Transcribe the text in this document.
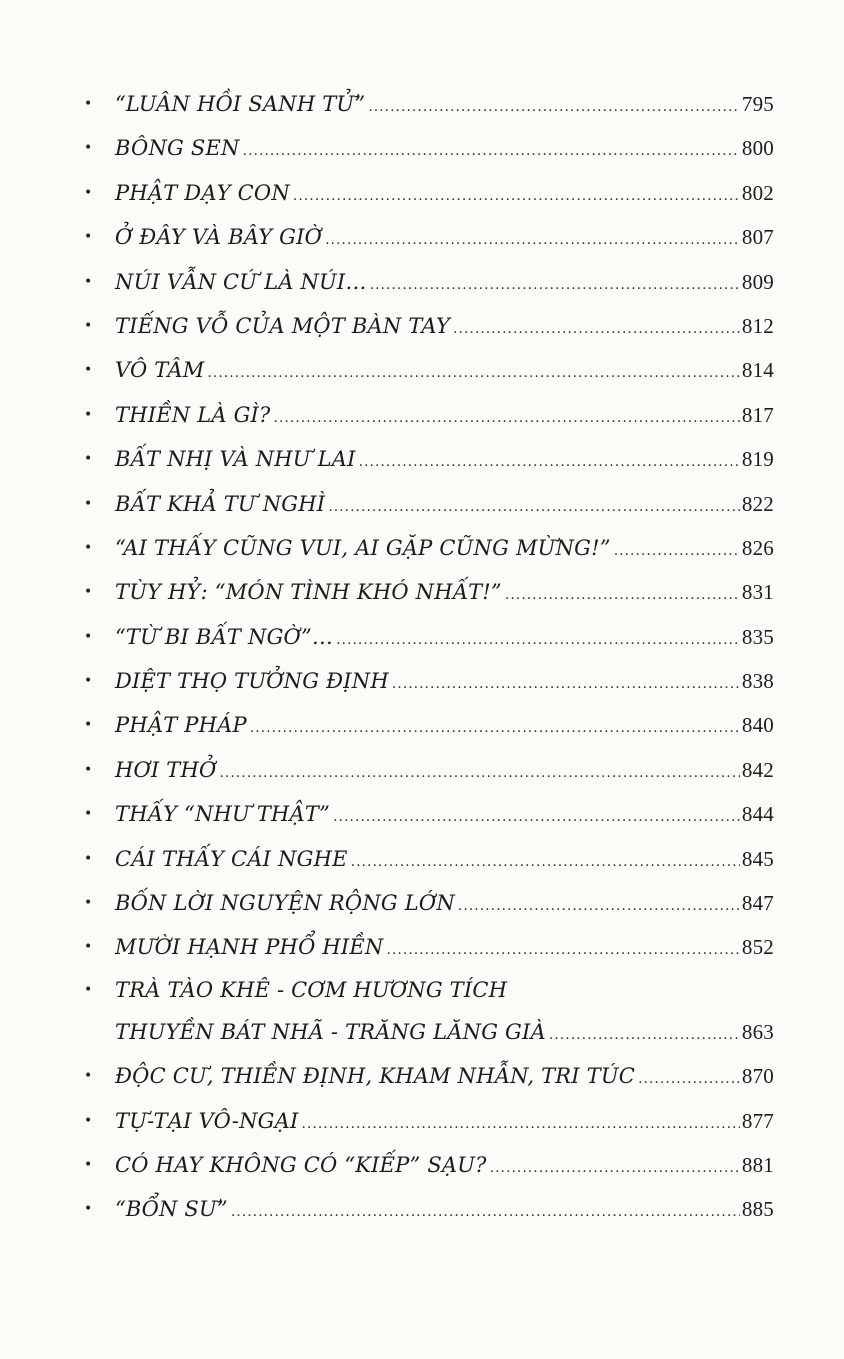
•	“LUÂN HỒI SANH TỬ” .....	795
•	BÔNG SEN .....	800
•	PHẬT DẠY CON .....	802
•	Ở ĐÂY VÀ BÂY GIỜ .....	807
•	NÚI VẪN CỨ LÀ NÚI… .....	809
•	TIẾNG VỖ CỦA MỘT BÀN TAY .....	812
•	VÔ TÂM .....	814
•	THIỀN LÀ GÌ? .....	817
•	BẤT NHỊ VÀ NHƯ LAI .....	819
•	BẤT KHẢ TƯ NGHÌ .....	822
•	“AI THẤY CŨNG VUI, AI GẶP CŨNG MỪNG!” .....	826
•	TÙY HỶ: “MÓN TÌNH KHÓ NHẤT!” .....	831
•	“TỪ BI BẤT NGỜ”… .....	835
•	DIỆT THỌ TƯỞNG ĐỊNH .....	838
•	PHẬT PHÁP .....	840
•	HƠI THỞ .....	842
•	THẤY “NHƯ THẬT” .....	844
•	CÁI THẤY CÁI NGHE .....	845
•	BỐN LỜI NGUYỆN RỘNG LỚN .....	847
•	MƯỜI HẠNH PHỔ HIỀN .....	852
•	TRÀ TÀO KHÊ - CƠM HƯƠNG TÍCH
THUYỀN BÁT NHÃ - TRĂNG LĂNG GIÀ .....	863
•	ĐỘC CƯ, THIỀN ĐỊNH, KHAM NHẪN, TRI TÚC .....	870
•	TỰ-TẠI VÔ-NGẠI .....	877
•	CÓ HAY KHÔNG CÓ “KIẾP” SẠU? .....	881
•	“BỔN SƯ” .....	885
